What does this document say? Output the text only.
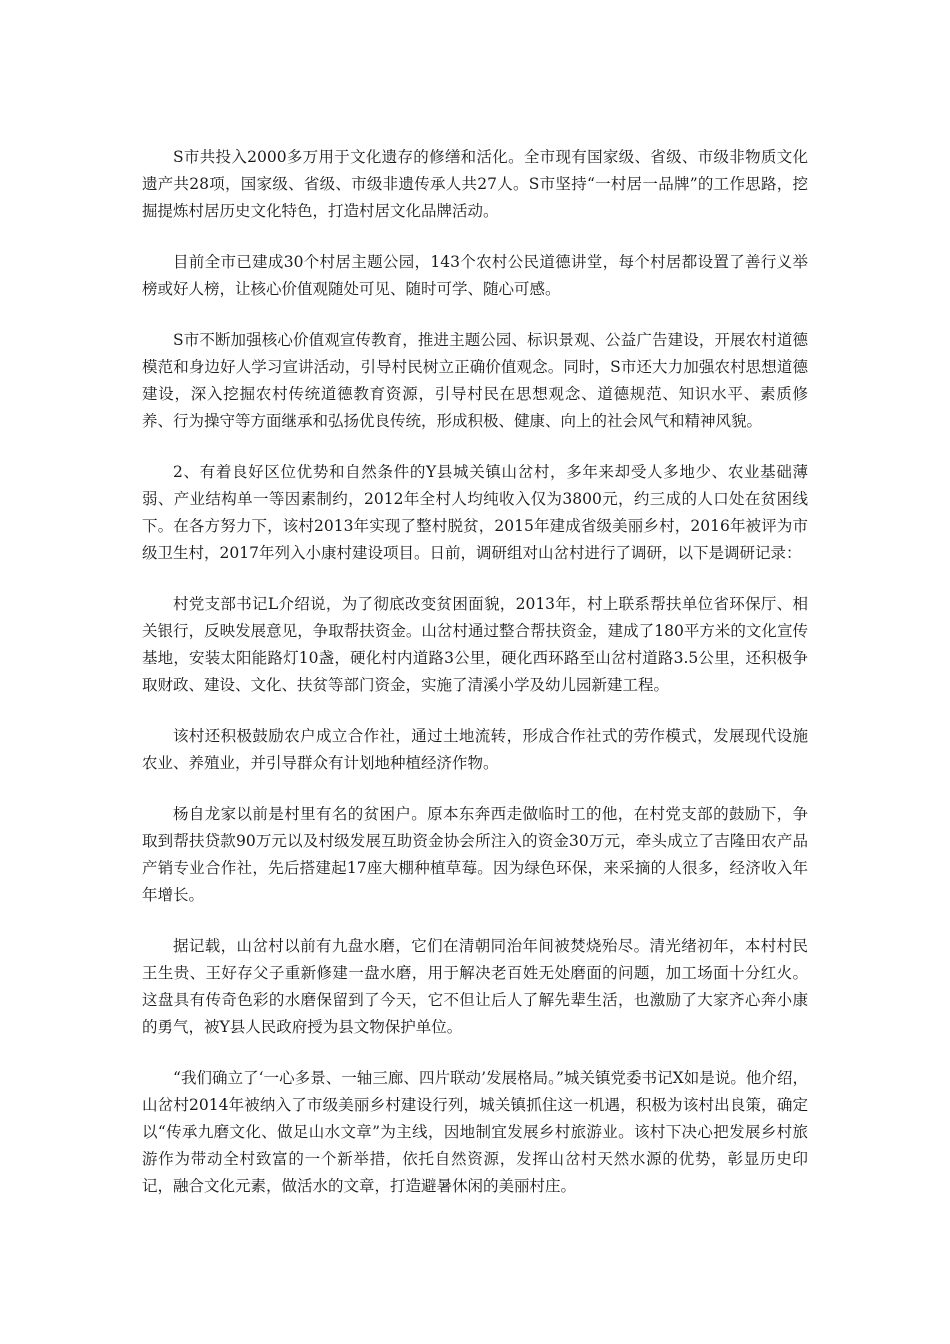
S市共投入2000多万用于文化遗存的修缮和活化。全市现有国家级、省级、市级非物质文化遗产共28项，国家级、省级、市级非遗传承人共27人。S市坚持“一村居一品牌”的工作思路，挖掘提炼村居历史文化特色，打造村居文化品牌活动。

目前全市已建成30个村居主题公园，143个农村公民道德讲堂，每个村居都设置了善行义举榜或好人榜，让核心价值观随处可见、随时可学、随心可感。

S市不断加强核心价值观宣传教育，推进主题公园、标识景观、公益广告建设，开展农村道德模范和身边好人学习宣讲活动，引导村民树立正确价值观念。同时，S市还大力加强农村思想道德建设，深入挖掘农村传统道德教育资源，引导村民在思想观念、道德规范、知识水平、素质修养、行为操守等方面继承和弘扬优良传统，形成积极、健康、向上的社会风气和精神风貌。

2、有着良好区位优势和自然条件的Y县城关镇山岔村，多年来却受人多地少、农业基础薄弱、产业结构单一等因素制约，2012年全村人均纯收入仅为3800元，约三成的人口处在贫困线下。在各方努力下，该村2013年实现了整村脱贫，2015年建成省级美丽乡村，2016年被评为市级卫生村，2017年列入小康村建设项目。日前，调研组对山岔村进行了调研，以下是调研记录：

村党支部书记L介绍说，为了彻底改变贫困面貌，2013年，村上联系帮扶单位省环保厅、相关银行，反映发展意见，争取帮扶资金。山岔村通过整合帮扶资金，建成了180平方米的文化宣传基地，安装太阳能路灯10盏，硬化村内道路3公里，硬化西环路至山岔村道路3.5公里，还积极争取财政、建设、文化、扶贫等部门资金，实施了清溪小学及幼儿园新建工程。

该村还积极鼓励农户成立合作社，通过土地流转，形成合作社式的劳作模式，发展现代设施农业、养殖业，并引导群众有计划地种植经济作物。

杨自龙家以前是村里有名的贫困户。原本东奔西走做临时工的他，在村党支部的鼓励下，争取到帮扶贷款90万元以及村级发展互助资金协会所注入的资金30万元，牵头成立了吉隆田农产品产销专业合作社，先后搭建起17座大棚种植草莓。因为绿色环保，来采摘的人很多，经济收入年年增长。

据记载，山岔村以前有九盘水磨，它们在清朝同治年间被焚烧殆尽。清光绪初年，本村村民王生贵、王好存父子重新修建一盘水磨，用于解决老百姓无处磨面的问题，加工场面十分红火。这盘具有传奇色彩的水磨保留到了今天，它不但让后人了解先辈生活，也激励了大家齐心奔小康的勇气，被Y县人民政府授为县文物保护单位。

“我们确立了‘一心多景、一轴三廊、四片联动’发展格局。”城关镇党委书记X如是说。他介绍，山岔村2014年被纳入了市级美丽乡村建设行列，城关镇抓住这一机遇，积极为该村出良策，确定以“传承九磨文化、做足山水文章”为主线，因地制宜发展乡村旅游业。该村下决心把发展乡村旅游作为带动全村致富的一个新举措，依托自然资源，发挥山岔村天然水源的优势，彰显历史印记，融合文化元素，做活水的文章，打造避暑休闲的美丽村庄。
